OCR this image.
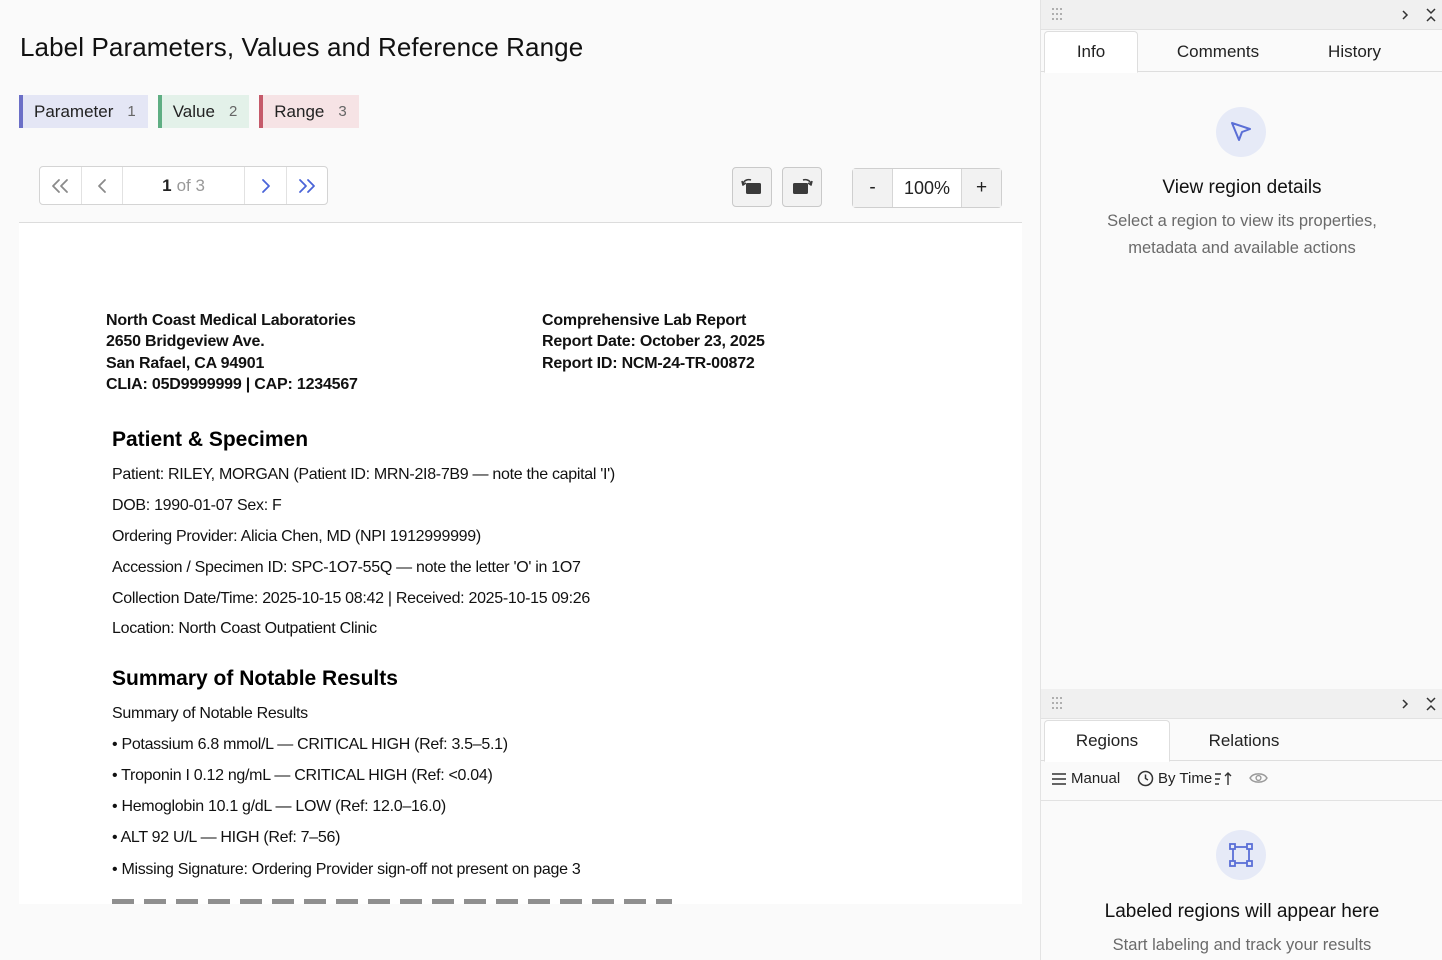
Label Parameters, Values and Reference Range
Parameter 1 Value 2 Range 3
1 of 3	-	100%	+
North Coast Medical Laboratories
2650 Bridgeview Ave.
San Rafael, CA 94901
CLIA: 05D9999999 | CAP: 1234567
Comprehensive Lab Report
Report Date: October 23, 2025
Report ID: NCM-24-TR-00872
Patient & Specimen
Patient: RILEY, MORGAN (Patient ID: MRN-2I8-7B9 — note the capital 'I')
DOB: 1990-01-07 Sex: F
Ordering Provider: Alicia Chen, MD (NPI 1912999999)
Accession / Specimen ID: SPC-1O7-55Q — note the letter 'O' in 1O7
Collection Date/Time: 2025-10-15 08:42 | Received: 2025-10-15 09:26
Location: North Coast Outpatient Clinic
Summary of Notable Results
Summary of Notable Results
• Potassium 6.8 mmol/L — CRITICAL HIGH (Ref: 3.5–5.1)
• Troponin I 0.12 ng/mL — CRITICAL HIGH (Ref: <0.04)
• Hemoglobin 10.1 g/dL — LOW (Ref: 12.0–16.0)
• ALT 92 U/L — HIGH (Ref: 7–56)
• Missing Signature: Ordering Provider sign-off not present on page 3
Info	Comments	History
View region details
Select a region to view its properties, metadata and available actions
Regions	Relations
Manual	By Time
Labeled regions will appear here
Start labeling and track your results
